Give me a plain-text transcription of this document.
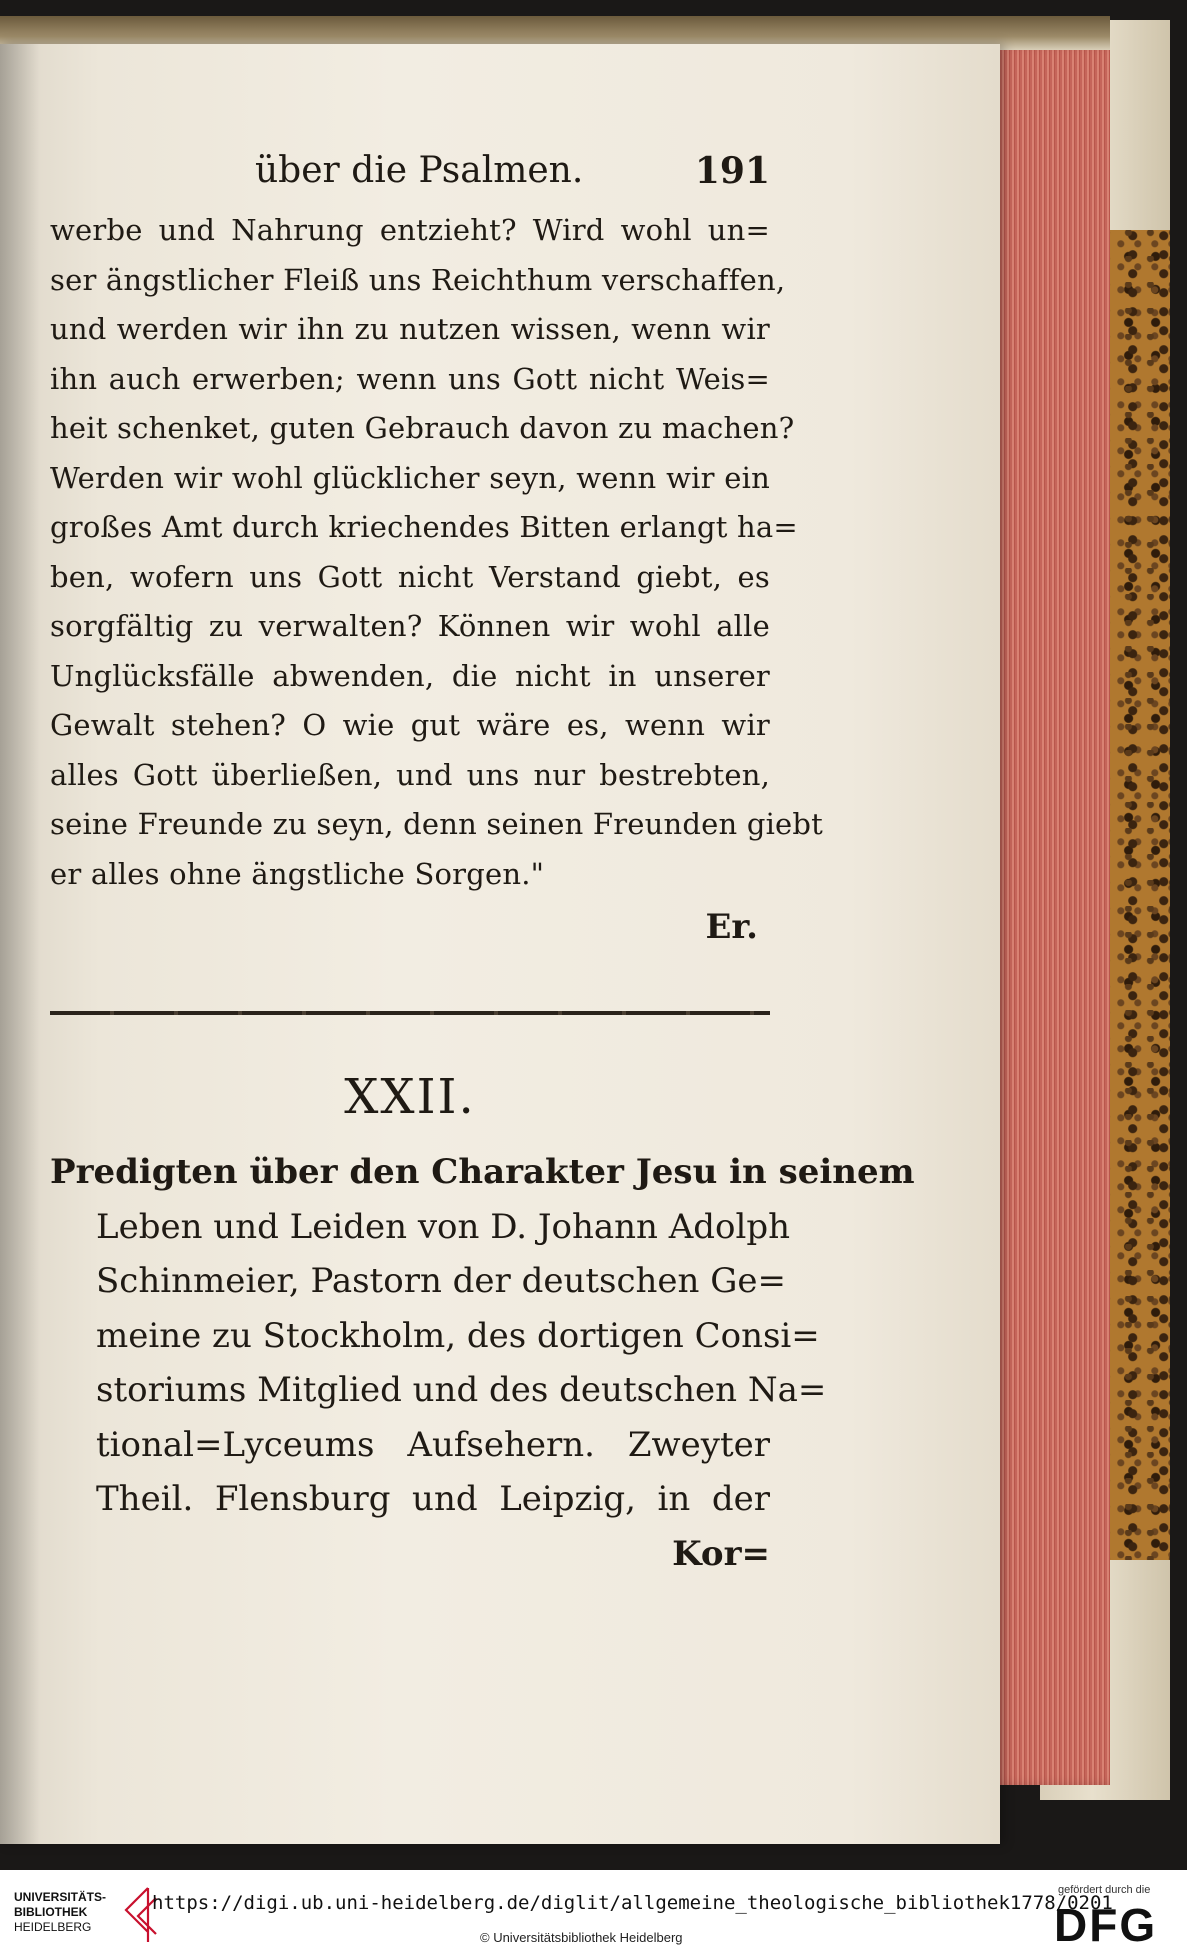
über die Psalmen.	191
werbe und Nahrung entzieht? Wird wohl un=
ser ängstlicher Fleiß uns Reichthum verschaffen,
und werden wir ihn zu nutzen wissen, wenn wir
ihn auch erwerben; wenn uns Gott nicht Weis=
heit schenket, guten Gebrauch davon zu machen?
Werden wir wohl glücklicher seyn, wenn wir ein
großes Amt durch kriechendes Bitten erlangt ha=
ben, wofern uns Gott nicht Verstand giebt, es
sorgfältig zu verwalten? Können wir wohl alle
Unglücksfälle abwenden, die nicht in unserer
Gewalt stehen? O wie gut wäre es, wenn wir
alles Gott überließen, und uns nur bestrebten,
seine Freunde zu seyn, denn seinen Freunden giebt
er alles ohne ängstliche Sorgen."
Er.
XXII.
Predigten über den Charakter Jesu in seinem
Leben und Leiden von D. Johann Adolph
Schinmeier, Pastorn der deutschen Ge=
meine zu Stockholm, des dortigen Consi=
storiums Mitglied und des deutschen Na=
tional=Lyceums Aufsehern. Zweyter
Theil. Flensburg und Leipzig, in der
Kor=
UNIVERSITÄTS-
BIBLIOTHEK
HEIDELBERG
https://digi.ub.uni-heidelberg.de/diglit/allgemeine_theologische_bibliothek1778/0201
© Universitätsbibliothek Heidelberg
gefördert durch die
DFG
